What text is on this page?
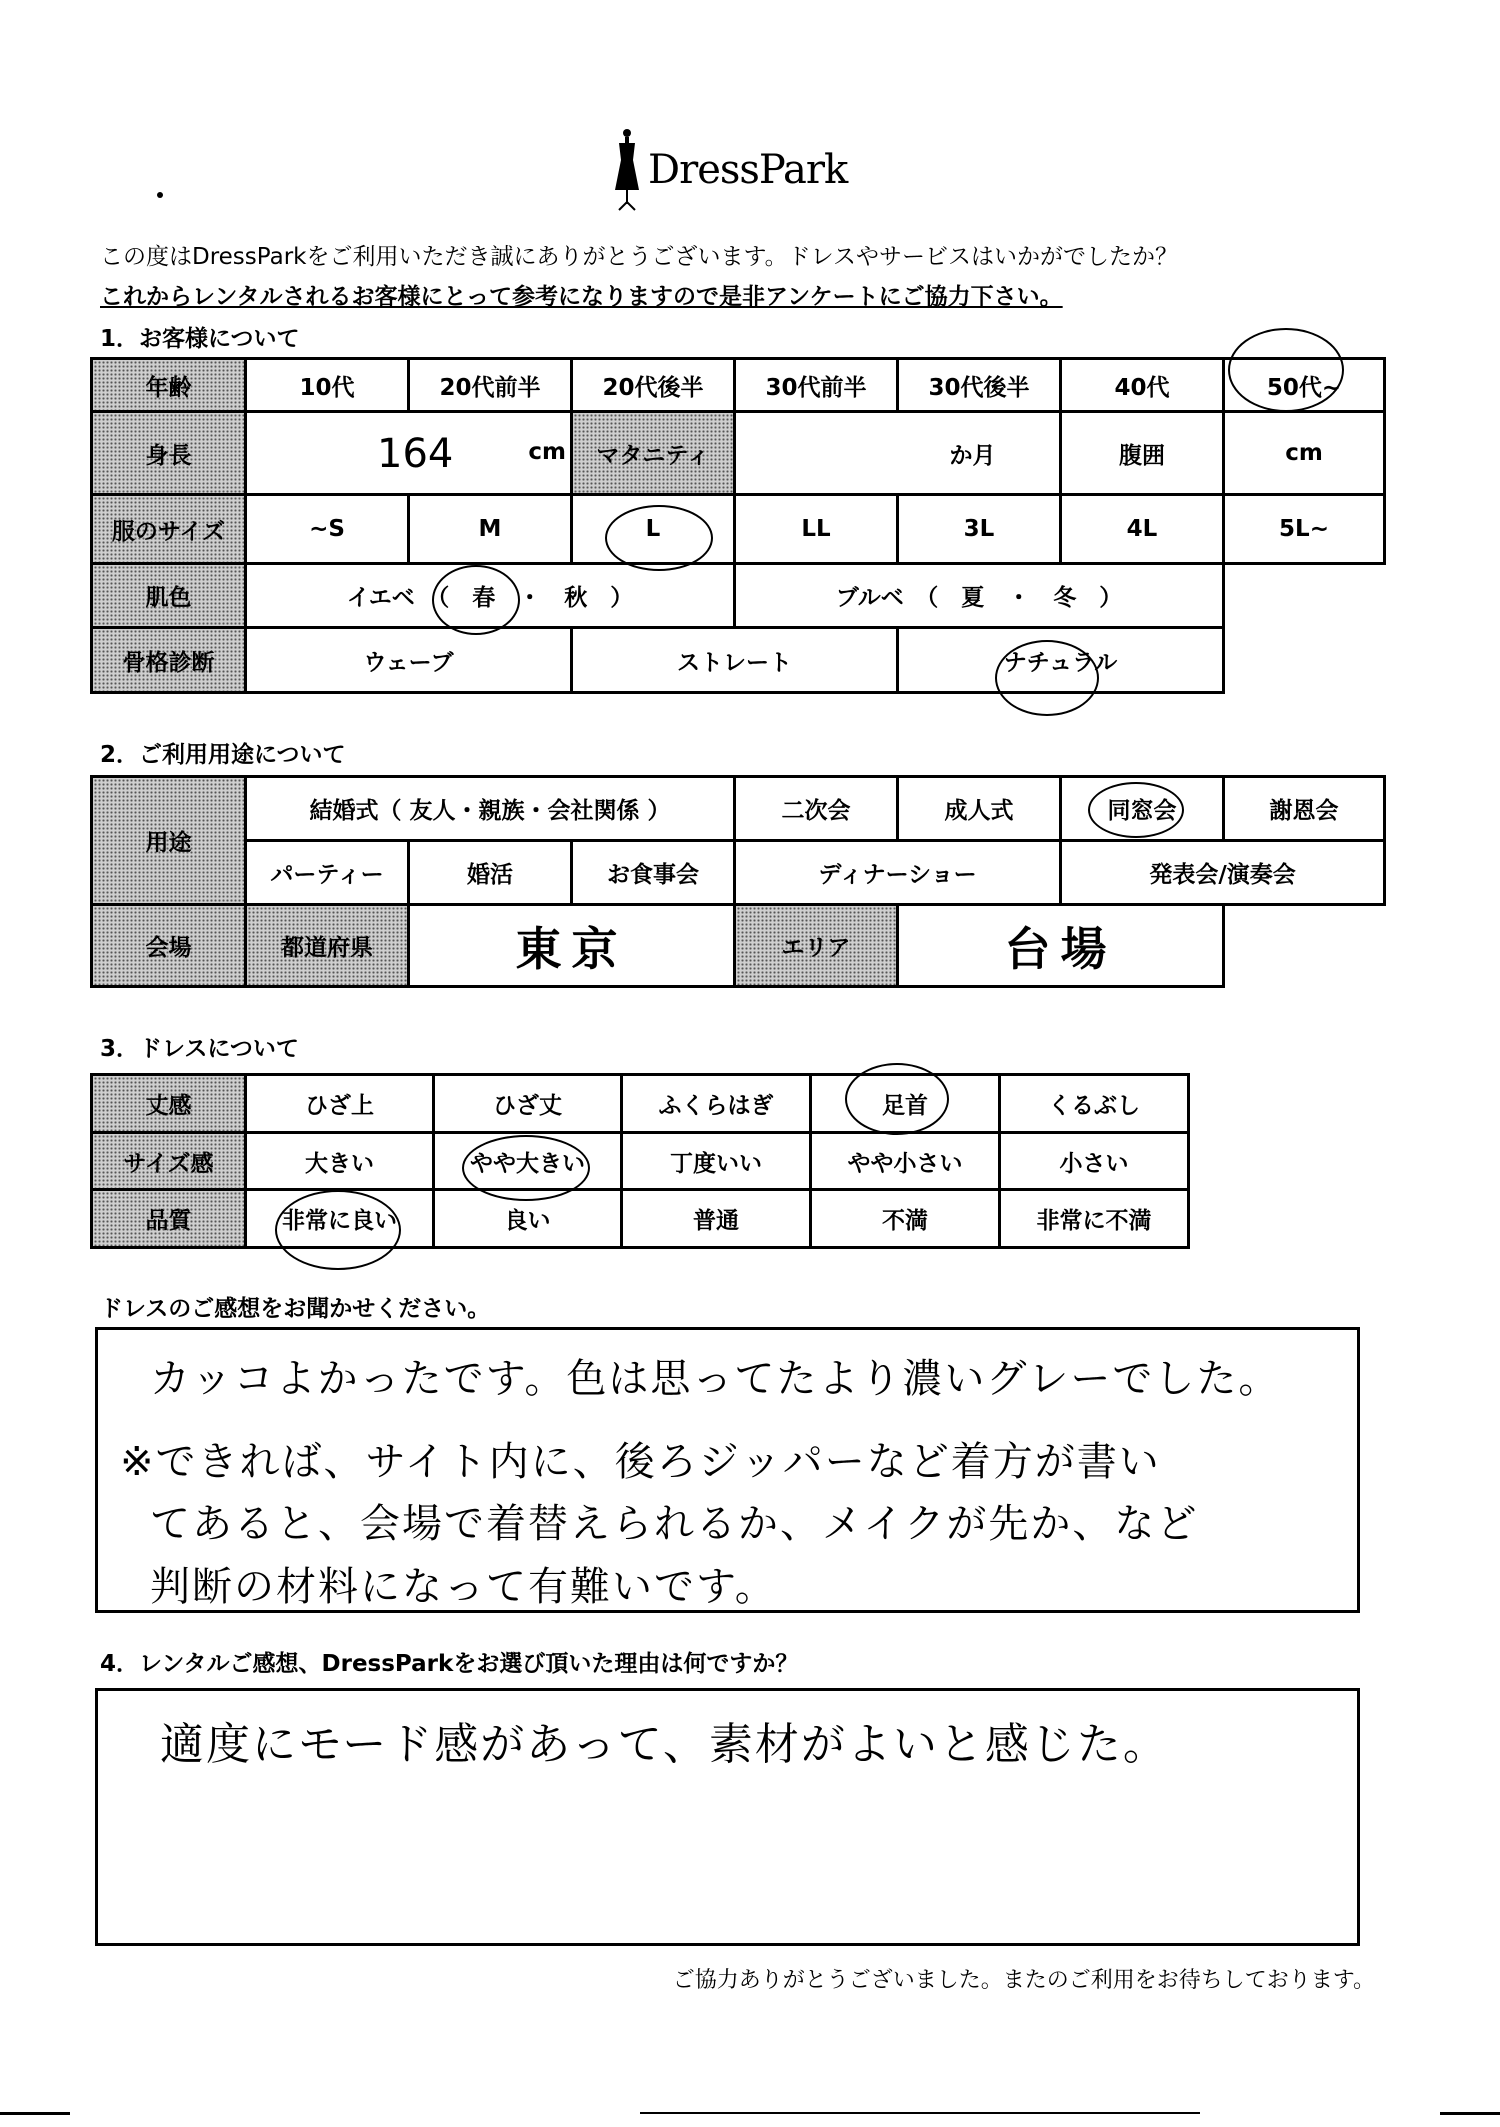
DressPark
この度はDressParkをご利用いただき誠にありがとうございます。ドレスやサービスはいかがでしたか？
これからレンタルされるお客様にとって参考になりますので是非アンケートにご協力下さい。
1．お客様について
年齢	10代	20代前半	20代後半	30代前半	30代後半	40代	50代~
身長	164 cm		マタニティ	か月		腹囲	cm
服のサイズ	~S	M	L	LL	3L	4L	5L~
肌色	イエベ　（　春　・　秋　）			ブルベ　（　夏　・　冬　）			
骨格診断	ウェーブ		ストレート		ナチュラル		
2．ご利用用途について
用途	結婚式（ 友人・親族・会社関係 ）			二次会	成人式	同窓会	謝恩会
	パーティー	婚活	お食事会	ディナーショー		発表会/演奏会	
会場	都道府県	東京		エリア	台場		
3．ドレスについて
丈感	ひざ上	ひざ丈	ふくらはぎ	足首	くるぶし
サイズ感	大きい	やや大きい	丁度いい	やや小さい	小さい
品質	非常に良い	良い	普通	不満	非常に不満
ドレスのご感想をお聞かせください。
カッコよかったです。色は思ってたより濃いグレーでした。
※できれば、サイト内に、後ろジッパーなど着方が書い
てあると、会場で着替えられるか、メイクが先か、など
判断の材料になって有難いです。
4．レンタルご感想、DressParkをお選び頂いた理由は何ですか？
適度にモード感があって、素材がよいと感じた。
ご協力ありがとうございました。またのご利用をお待ちしております。
